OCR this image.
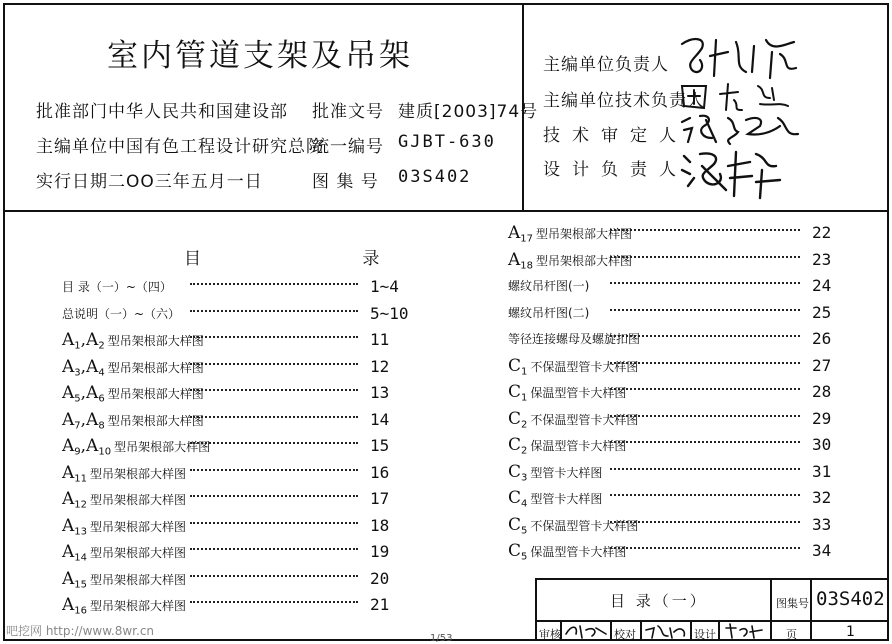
室内管道支架及吊架
批准部门 中华人民共和国建设部 批准文号 建质[2003]74号
主编单位 中国有色工程设计研究总院
统一编号 GJBT-630
实行日期 二OO三年五月一日	图 集 号 03S402
主编单位负责人
主编单位技术负责人
技术审定人
设计负责人
目 录
目 录（一）~（四）	1~4
总说明（一）~（六）	5~10
$A_1,A_2$ 型吊架根部大样图	11
$A_3,A_4$ 型吊架根部大样图	12
$A_5,A_6$ 型吊架根部大样图	13
$A_7,A_8$ 型吊架根部大样图	14
$A_9,A_{10}$ 型吊架根部大样图	15
$A_{11}$ 型吊架根部大样图	16
$A_{12}$ 型吊架根部大样图	17
$A_{13}$ 型吊架根部大样图	18
$A_{14}$ 型吊架根部大样图	19
$A_{15}$ 型吊架根部大样图	20
$A_{16}$ 型吊架根部大样图	21
$A_{17}$ 型吊架根部大样图	22
$A_{18}$ 型吊架根部大样图	23
螺纹吊杆图(一)	24
螺纹吊杆图(二)	25
等径连接螺母及螺旋扣图	26
$C_1$ 不保温型管卡大样图	27
$C_1$ 保温型管卡大样图	28
$C_2$ 不保温型管卡大样图	29
$C_2$ 保温型管卡大样图	30
$C_3$ 型管卡大样图	31
$C_4$ 型管卡大样图	32
$C_5$ 不保温型管卡大样图	33
$C_5$ 保温型管卡大样图	34
目 录（一）	图集号 03S402
审核	校对	设计	页	1
吧挖网 http://www.8wr.cn
1/53
